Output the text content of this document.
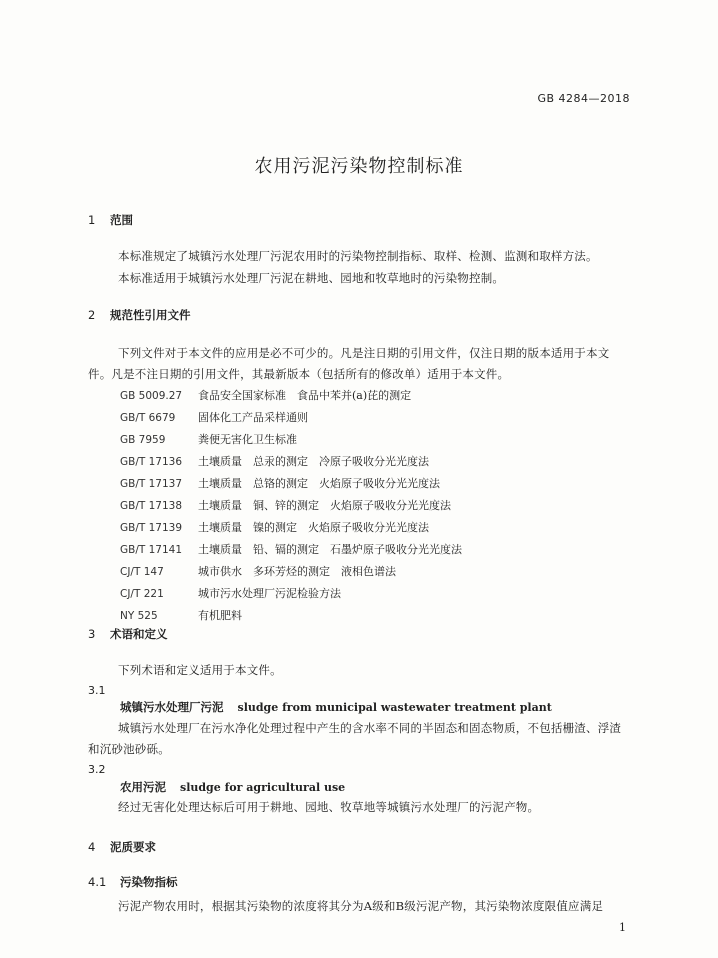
GB 4284—2018
农用污泥污染物控制标准
1 范围
本标准规定了城镇污水处理厂污泥农用时的污染物控制指标、取样、检测、监测和取样方法。
本标准适用于城镇污水处理厂污泥在耕地、园地和牧草地时的污染物控制。
2 规范性引用文件
下列文件对于本文件的应用是必不可少的。凡是注日期的引用文件，仅注日期的版本适用于本文
件。凡是不注日期的引用文件，其最新版本（包括所有的修改单）适用于本文件。
GB 5009.27 食品安全国家标准　食品中苯并(a)芘的测定
GB/T 6679 固体化工产品采样通则
GB 7959	粪便无害化卫生标准
GB/T 17136 土壤质量　总汞的测定　冷原子吸收分光光度法
GB/T 17137 土壤质量　总铬的测定　火焰原子吸收分光光度法
GB/T 17138 土壤质量　铜、锌的测定　火焰原子吸收分光光度法
GB/T 17139 土壤质量　镍的测定　火焰原子吸收分光光度法
GB/T 17141 土壤质量　铅、镉的测定　石墨炉原子吸收分光光度法
CJ/T 147	城市供水　多环芳烃的测定　液相色谱法
CJ/T 221	城市污水处理厂污泥检验方法
NY 525	有机肥料
3 术语和定义
下列术语和定义适用于本文件。
3.1
城镇污水处理厂污泥 sludge from municipal wastewater treatment plant
城镇污水处理厂在污水净化处理过程中产生的含水率不同的半固态和固态物质，不包括栅渣、浮渣
和沉砂池砂砾。
3.2
农用污泥 sludge for agricultural use
经过无害化处理达标后可用于耕地、园地、牧草地等城镇污水处理厂的污泥产物。
4 泥质要求
4.1 污染物指标
污泥产物农用时，根据其污染物的浓度将其分为A级和B级污泥产物，其污染物浓度限值应满足
1
